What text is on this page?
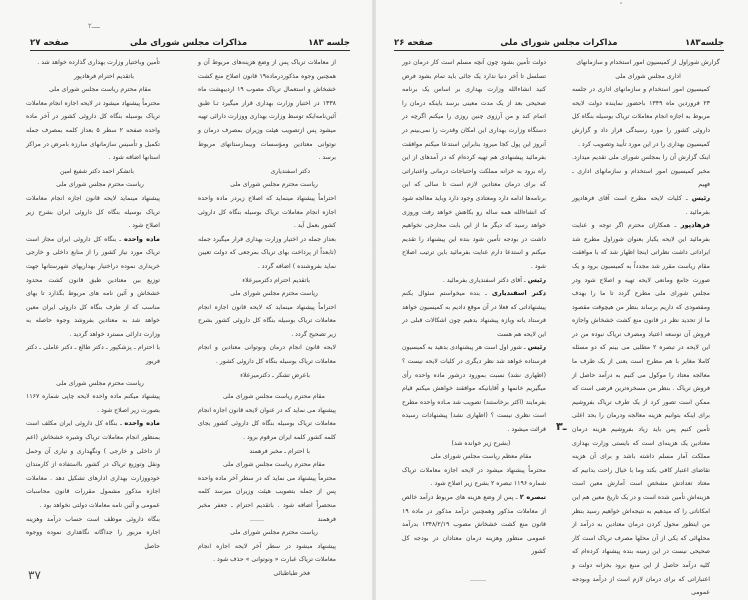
۲ــــ
جلسه ۱۸۳
مذاکرات مجلس شورای ملی
صفحه ۲۷

از معاملات تریاک پس از وضع هزینه‌های مربوط آن و همچنین وجوه مذکوردرماده۱۹ قانون اصلاح منع کشت خشخاش و استعمال تریاک مصوب ۱۹ اردیبهشت ماه ۱۳۳۸ در اختیار وزارت بهداری قرار میگیرد تـا طبق آئین‌نامه‌ایکه توسط وزارت بهداری ووزارت دارائی تهیه میشود پس ازتصویب هیئت وزیران بمصرف درمان و نوتوانی معتادین ومؤسسات وبیمارستانهای مربوط برسد .

دکتر اسفندیاری

ریاست محترم مجلس شورای ملی

احتراماً پیشنهاد مینماید که اصلاح زیردر ماده واحده اجازه انجام معاملات تریاک بوسیله بنگاه کل داروئی کشور بعمل آید .

بعداز جمله در اختیار وزارت بهداری قرار میگیرد جمله (تابعداً از پرداخت بهای تریاک بمرجعی که دولت تعیین نماید بفروشنده ) اضافه گردد .

باتقدیم احترام دکترمیرعلاء

ریاست محترم مجلس شورای ملی

احتراماً پیشنهاد مینماید که لایحه قانون اجازه انجام معاملات تریاک بوسیله بنگاه کل داروئی کشور بشرح زیر تصحیح گردد .

لایحه قانون انجام درمان ونوتوانی معتادین و انجام معاملات تریاک بوسیله بنگاه کل داروئی کشور .

باعرض تشکر ـ دکترمیرعلاء

مقام محترم ریاست مجلس شورای ملی

پیشنهاد می نماید که در عنوان لایحه قانون اجازه انجام معاملات تریاک بوسیله بنگاه کل داروئی کشور بجای کلمه کشور کلمه ایران مرقوم برود .

با احترام ـ مخبر فرهمند

مقام محترم ریاست مجلس شورای ملی

محترماً پیشنهاد می نماید که در سطر آخر ماده واحده پس از جمله بتصویب هیئت وزیران میرسد کلمه منحصراً اضافه شود . باتقدیم احترام ـ جعفر مخبر فرهمند

ریاست محترم مجلس شورای ملی

پیشنهاد میشود در سطر آخر لایحه اجازه انجام معاملات تریاک عبارت « ونوتوانی » حذف شود .

فخر طباطبائی

تأمین وباختیار وزارت بهداری گذارده خواهد شد .

باتقدیم احترام فرهادپور

مقام محترم ریاست مجلس شورای ملی

محترماً پیشنهاد میشود در لایحه اجازه انجام معاملات تریاک بوسیله بنگاه کل داروئی کشور در آخر ماده واحده صفحه ۲ سطر ۵ بعداز کلمه بمصرف جمله تکمیل و تأسیس سازمانهای مبارزه بامرض در مراکز استانها اضافه شود .

باتشکر احمد دکتر شفیع امین

ریاست محترم مجلس شورای ملی

پیشنهاد مینماید لایحه قانون اجازه انجام معاملات تریاک بوسیله بنگاه کل داروئی ایران بشرح زیر اصلاح شود .

ماده واحده ـ بنگاه کل داروئی ایران مجاز است تریاک مورد نیاز کشور را از منابع داخلی و خارجی خریداری نموده دراختیار بهداریهای شهرستانها جهت توزیع بین معتادین طبق قانون کشت محدود خشخاش و آئین نامه های مربوط بگذارد تا بهای مناسب که از طرف بنگاه کل داروئی ایران معین خواهد شد به معتادین بفروشد وجوه حاصله به وزارت دارائی مسترد خواهد گردید .

با احترام ـ پزشکپور ـ دکتر طالع ـ دکتر عاملی ـ دکتر فریور

ریاست محترم مجلس شورای ملی

پیشنهاد میکنم ماده واحده لایحه چاپی شماره ۱۱۶۷ بصورت زیر اصلاح شود .

ماده واحده ـ بنگاه کل داروئی ایران مکلف است بمنظور انجام معاملات تریاک وشیره خشخاش (اعم از داخلی و خارجی ) ونگهداری و تیاری آن وحمل ونقل وتوزیع تریاک در کشور بااستفاده از کارمندان خودووزارت بهداری ادارهای تشکیل دهد . معاملات اجازه مذکور مشمول مقررات قانون محاسبات عمومی و آئین نامه معاملات دولتی نخواهد بود .

بنگاه داروئی موظف است حساب درآمد وهزینه اجاره مزبور را جداگانه نگاهداری نموده ووجوه حاصل

۳۷
جلسه۱۸۳
مذاکرات مجلس شورای ملی
صفحه ۲۶

گزارش شوراول از کمیسیون امور استخدام و سازمانهای اداری مجلس شورای ملی

کمیسیون امور استخدام و سازمانهای اداری در جلسه ۲۳ فروردین ماه ۱۳۴۹ باحضور نماینده دولت لایحه مربوط به اجازه انجام معاملات تریاک بوسیله بنگاه کل داروئی کشور را مورد رسیدگی قرار داد و گزارش کمیسیون بهداری را در این مورد تأیید وتصویب کرد .

اینک گزارش آن را بمجلس شورای ملی تقدیم میدارد. مخبر کمیسیون امور استخدام و سازمانهای اداری ـ فهیم

رئیس ـ کلیات لایحه مطرح است آقای فرهادپور بفرمائید .

فرهادپور ـ همکاران محترم اگر توجه و عنایت بفرمائید این لایحه یکبار بعنوان شوراول مطرح شد ایراداتی داشت نظراتی اینجا اظهار شد که با موافقت مقام ریاست مقرر شد مجدداً به کمیسیون برود و یک صورت جامع ومانعی لایحه تهیه و اصلاح شود ودر مجلس شورای ملی مطرح گردد تا ما را بهدف ومقصودی که داریم برساند بنظر من هیچوقت مقصود ما از تحدید نظر در قانون منع کشت خشخاش واجازه فروش آن توسعه اعتیاد ومصرف تریاک نبوده من در این لایحه در تبصره ۲ مطلبی می بینم که دو مسئله کاملا مغایر با هم مطرح است یعنی از یک طرف ما معالجه معتاد را موکول می کنیم به درآمد حاصل از فروش تریاک . بنظر من مسخره‌ترین فرضی است که ممکن است تصور کرد از یک طرف تریاک بفروشیم برای اینکه بتوانیم هزینه معالجه ودرمان را بحد اعلی تأمین کنیم پس باید زیاد بفروشیم هزینه درمان معتادین یک هزینه‌ای است که بایستی وزارت بهداری مملکت آمار مسلم داشته باشد و برای آن هزینه تقاضای اعتبار کافی بکند وما با خیال راحت بدانیم که معتاد تعدادش مشخص است آمارش معین است هزینه‌اش تأمین شده است و در یک تاریخ معین هم این امکاناتی را که میدهیم به نتیجه‌اش خواهیم رسید بنظر من اینطور محول کردن درمان معتادین به درآمد از محلهائی که یکی از آن محلها مصرف تریاک است کار صحیحی نیست در این زمینه بنده پیشنهاد کرده‌ام که کلیه درآمد حاصل از این منبع برود بخزانه دولت و اعتباراتی که برای درمان لازم است از درآمد وبودجه عمومی

دولت تأمین بشود چون آنچه مسلم است کار درمان دور تسلسل تا آخر دنیا ندارد یک جائی باید تمام بشود فرض کنید انشاءالله وزارت بهداری بر اساس یک برنامه صحیحی بعد از یک مدت معینی برسد باینکه درمان را اتمام کند و من آرزوی چنین روزی را میکنم اگرچه در دستگاه وزارت بهداری این امکان وقدرت را نمی‌بینم در آنروز این پول کجا میرود بنابراین استدعا میکنم موافقت بفرمائید پیشنهادی هم تهیه کرده‌ام که در آمدهای از این راه برود به خزانه مملکت واحتیاجات درمانی واعتباراتی که برای درمان معتادین لازم است تا سالی که این برنامه‌ها ادامه دارد ومعتادی وجود دارد وباید معالجه شود که انشاءالله همه ساله رو بکاهش خواهد رفت وروزی خواهد رسید که دیگر ما از این بابت محارجی نخواهیم داشت در بودجه تأمین شود بنده این پیشنهاد را تقدیم میکنم و استدعا دارم عنایت بفرمائید باین ترتیب اصلاح شود .

رئیس ـ آقای دکتر اسفندیاری بفرمائید .

دکتر اسفندیاری ـ بنده میخواستم سئوال بکنم پیشنهاداتی که فعلا در آن موقع دادیم به کمیسیون خواهد فرستاد یانه وبازه پیشنهاد بدهیم چون اشکالات قبلی در این لایحه هم هست

رئیس ـ شور اول است هر پیشنهادی بدهید به کمیسیون فرستاده خواهد شد نظر دیگری در کلیات لایحه نیست ؟ (اظهاری نشد) نسبت بمورود درشور ماده واحده رأی میگیریم خانمها و آقایانیکه موافقند خواهش میکنم قیام بفرمایند (اکثر برخاستند) تصویب شد مـاده واحده مطرح است نظری نیست ؟ (اظهاری نشد) پیشنهادات رسیده قرائت میشود .

(بشرح زیر خوانده شد)

مقام معظم ریاست مجلس شورای ملی

محترماً پیشنهاد میشود در لایحه اجازه معاملات تریاک شماره ۱۱۹۶ تبصره ۲ بشرح زیر اصلاح شود .

تبصره ۲ ـ پس از وضع هزینه های مربوط درآمد خالص از معاملات مذکور وهمچنین درآمد مذکور در ماده ۱۹ قانون منع کشت خشخاش مصوب ۱۳۴۸/۲/۱۹ بدرآمد عمومی منظور وهزینه درمان معتادان در بودجه کل کشور

۳ـ
